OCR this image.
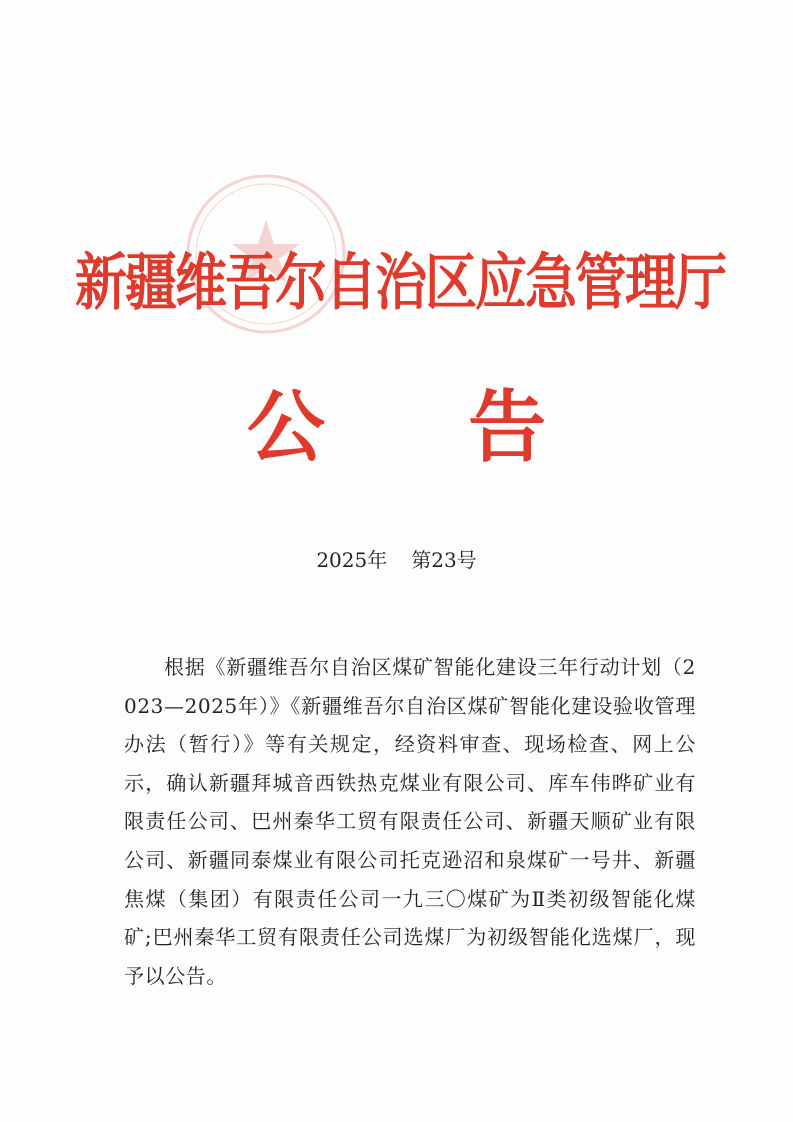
新疆维吾尔自治区应急管理厅
公 告
2025年 第23号
根据《新疆维吾尔自治区煤矿智能化建设三年行动计划（2023—2025年）》《新疆维吾尔自治区煤矿智能化建设验收管理办法（暂行）》等有关规定，经资料审查、现场检查、网上公示，确认新疆拜城音西铁热克煤业有限公司、库车伟晔矿业有限责任公司、巴州秦华工贸有限责任公司、新疆天顺矿业有限公司、新疆同泰煤业有限公司托克逊沼和泉煤矿一号井、新疆焦煤（集团）有限责任公司一九三〇煤矿为Ⅱ类初级智能化煤矿;巴州秦华工贸有限责任公司选煤厂为初级智能化选煤厂，现予以公告。
